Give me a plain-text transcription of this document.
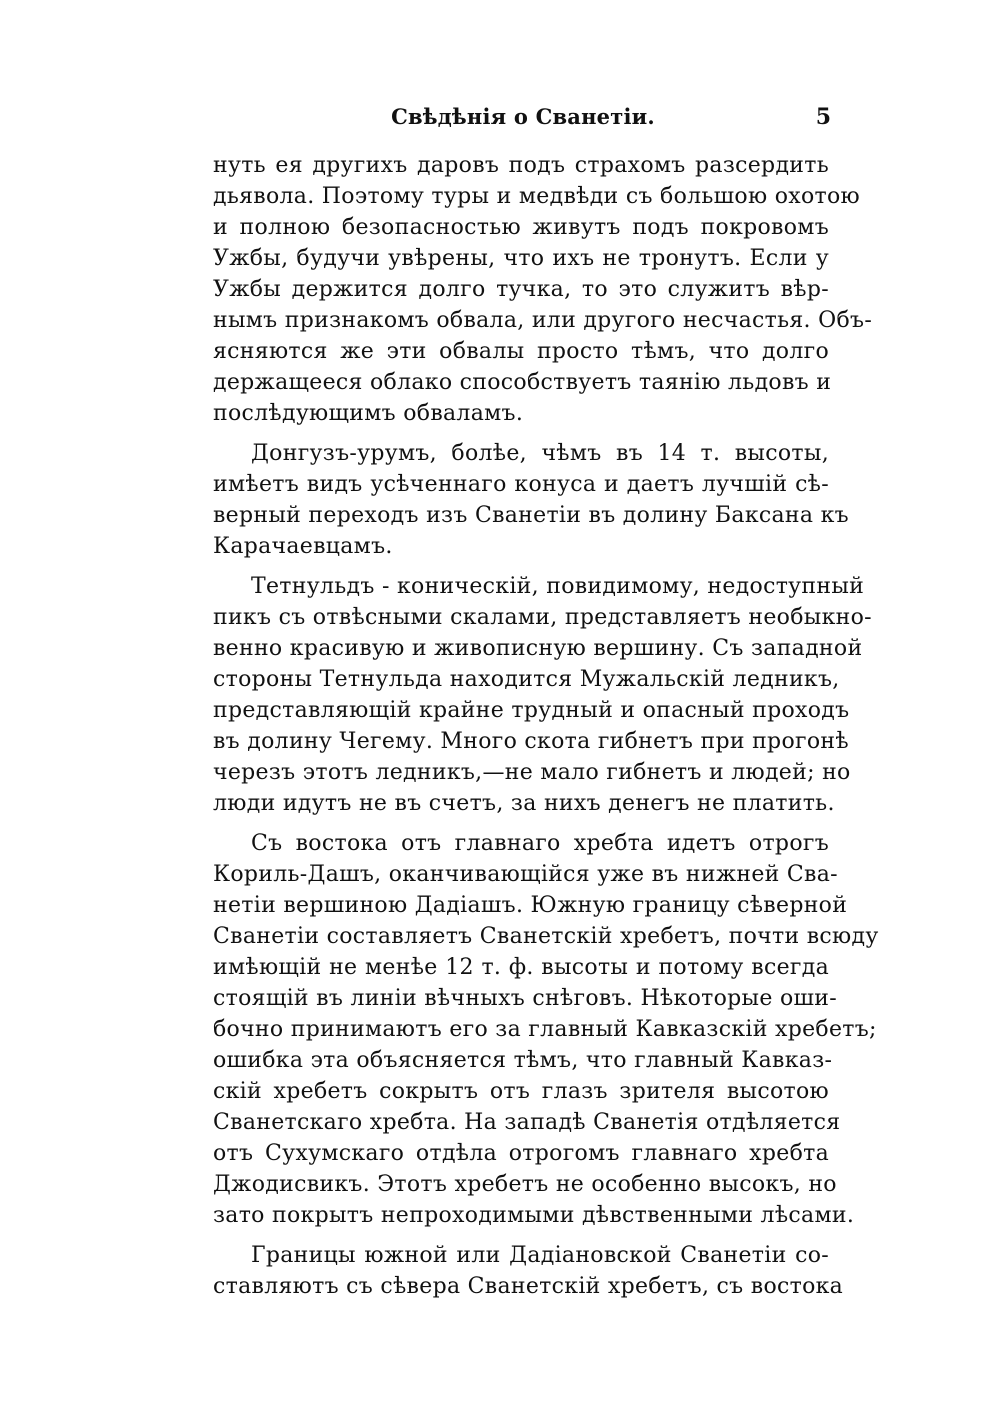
Свѣдѣнія о Сванетіи.	5
нуть ея другихъ даровъ подъ страхомъ разсердить
дьявола. Поэтому туры и медвѣди съ большою охотою
и полною безопасностью живутъ подъ покровомъ
Ужбы, будучи увѣрены, что ихъ не тронутъ. Если у
Ужбы держится долго тучка, то это служитъ вѣр-
нымъ признакомъ обвала, или другого несчастья. Объ-
ясняются же эти обвалы просто тѣмъ, что долго
держащееся облако способствуетъ таянію льдовъ и
послѣдующимъ обваламъ.
Донгузъ-урумъ, болѣе, чѣмъ въ 14 т. высоты,
имѣетъ видъ усѣченнаго конуса и даетъ лучшій сѣ-
верный переходъ изъ Сванетіи въ долину Баксана къ
Карачаевцамъ.
Тетнульдъ - коническій, повидимому, недоступный
пикъ съ отвѣсными скалами, представляетъ необыкно-
венно красивую и живописную вершину. Съ западной
стороны Тетнульда находится Мужальскій ледникъ,
представляющій крайне трудный и опасный проходъ
въ долину Чегему. Много скота гибнетъ при прогонѣ
черезъ этотъ ледникъ,—не мало гибнетъ и людей; но
люди идутъ не въ счетъ, за нихъ денегъ не платить.
Съ востока отъ главнаго хребта идетъ отрогъ
Кориль-Дашъ, оканчивающійся уже въ нижней Сва-
нетіи вершиною Дадіашъ. Южную границу сѣверной
Сванетіи составляетъ Сванетскій хребетъ, почти всюду
имѣющій не менѣе 12 т. ф. высоты и потому всегда
стоящій въ линіи вѣчныхъ снѣговъ. Нѣкоторые оши-
бочно принимаютъ его за главный Кавказскій хребетъ;
ошибка эта объясняется тѣмъ, что главный Кавказ-
скій хребетъ сокрытъ отъ глазъ зрителя высотою
Сванетскаго хребта. На западѣ Сванетія отдѣляется
отъ Сухумскаго отдѣла отрогомъ главнаго хребта
Джодисвикъ. Этотъ хребетъ не особенно высокъ, но
зато покрытъ непроходимыми дѣвственными лѣсами.
Границы южной или Дадіановской Сванетіи со-
ставляютъ съ сѣвера Сванетскій хребетъ, съ востока
